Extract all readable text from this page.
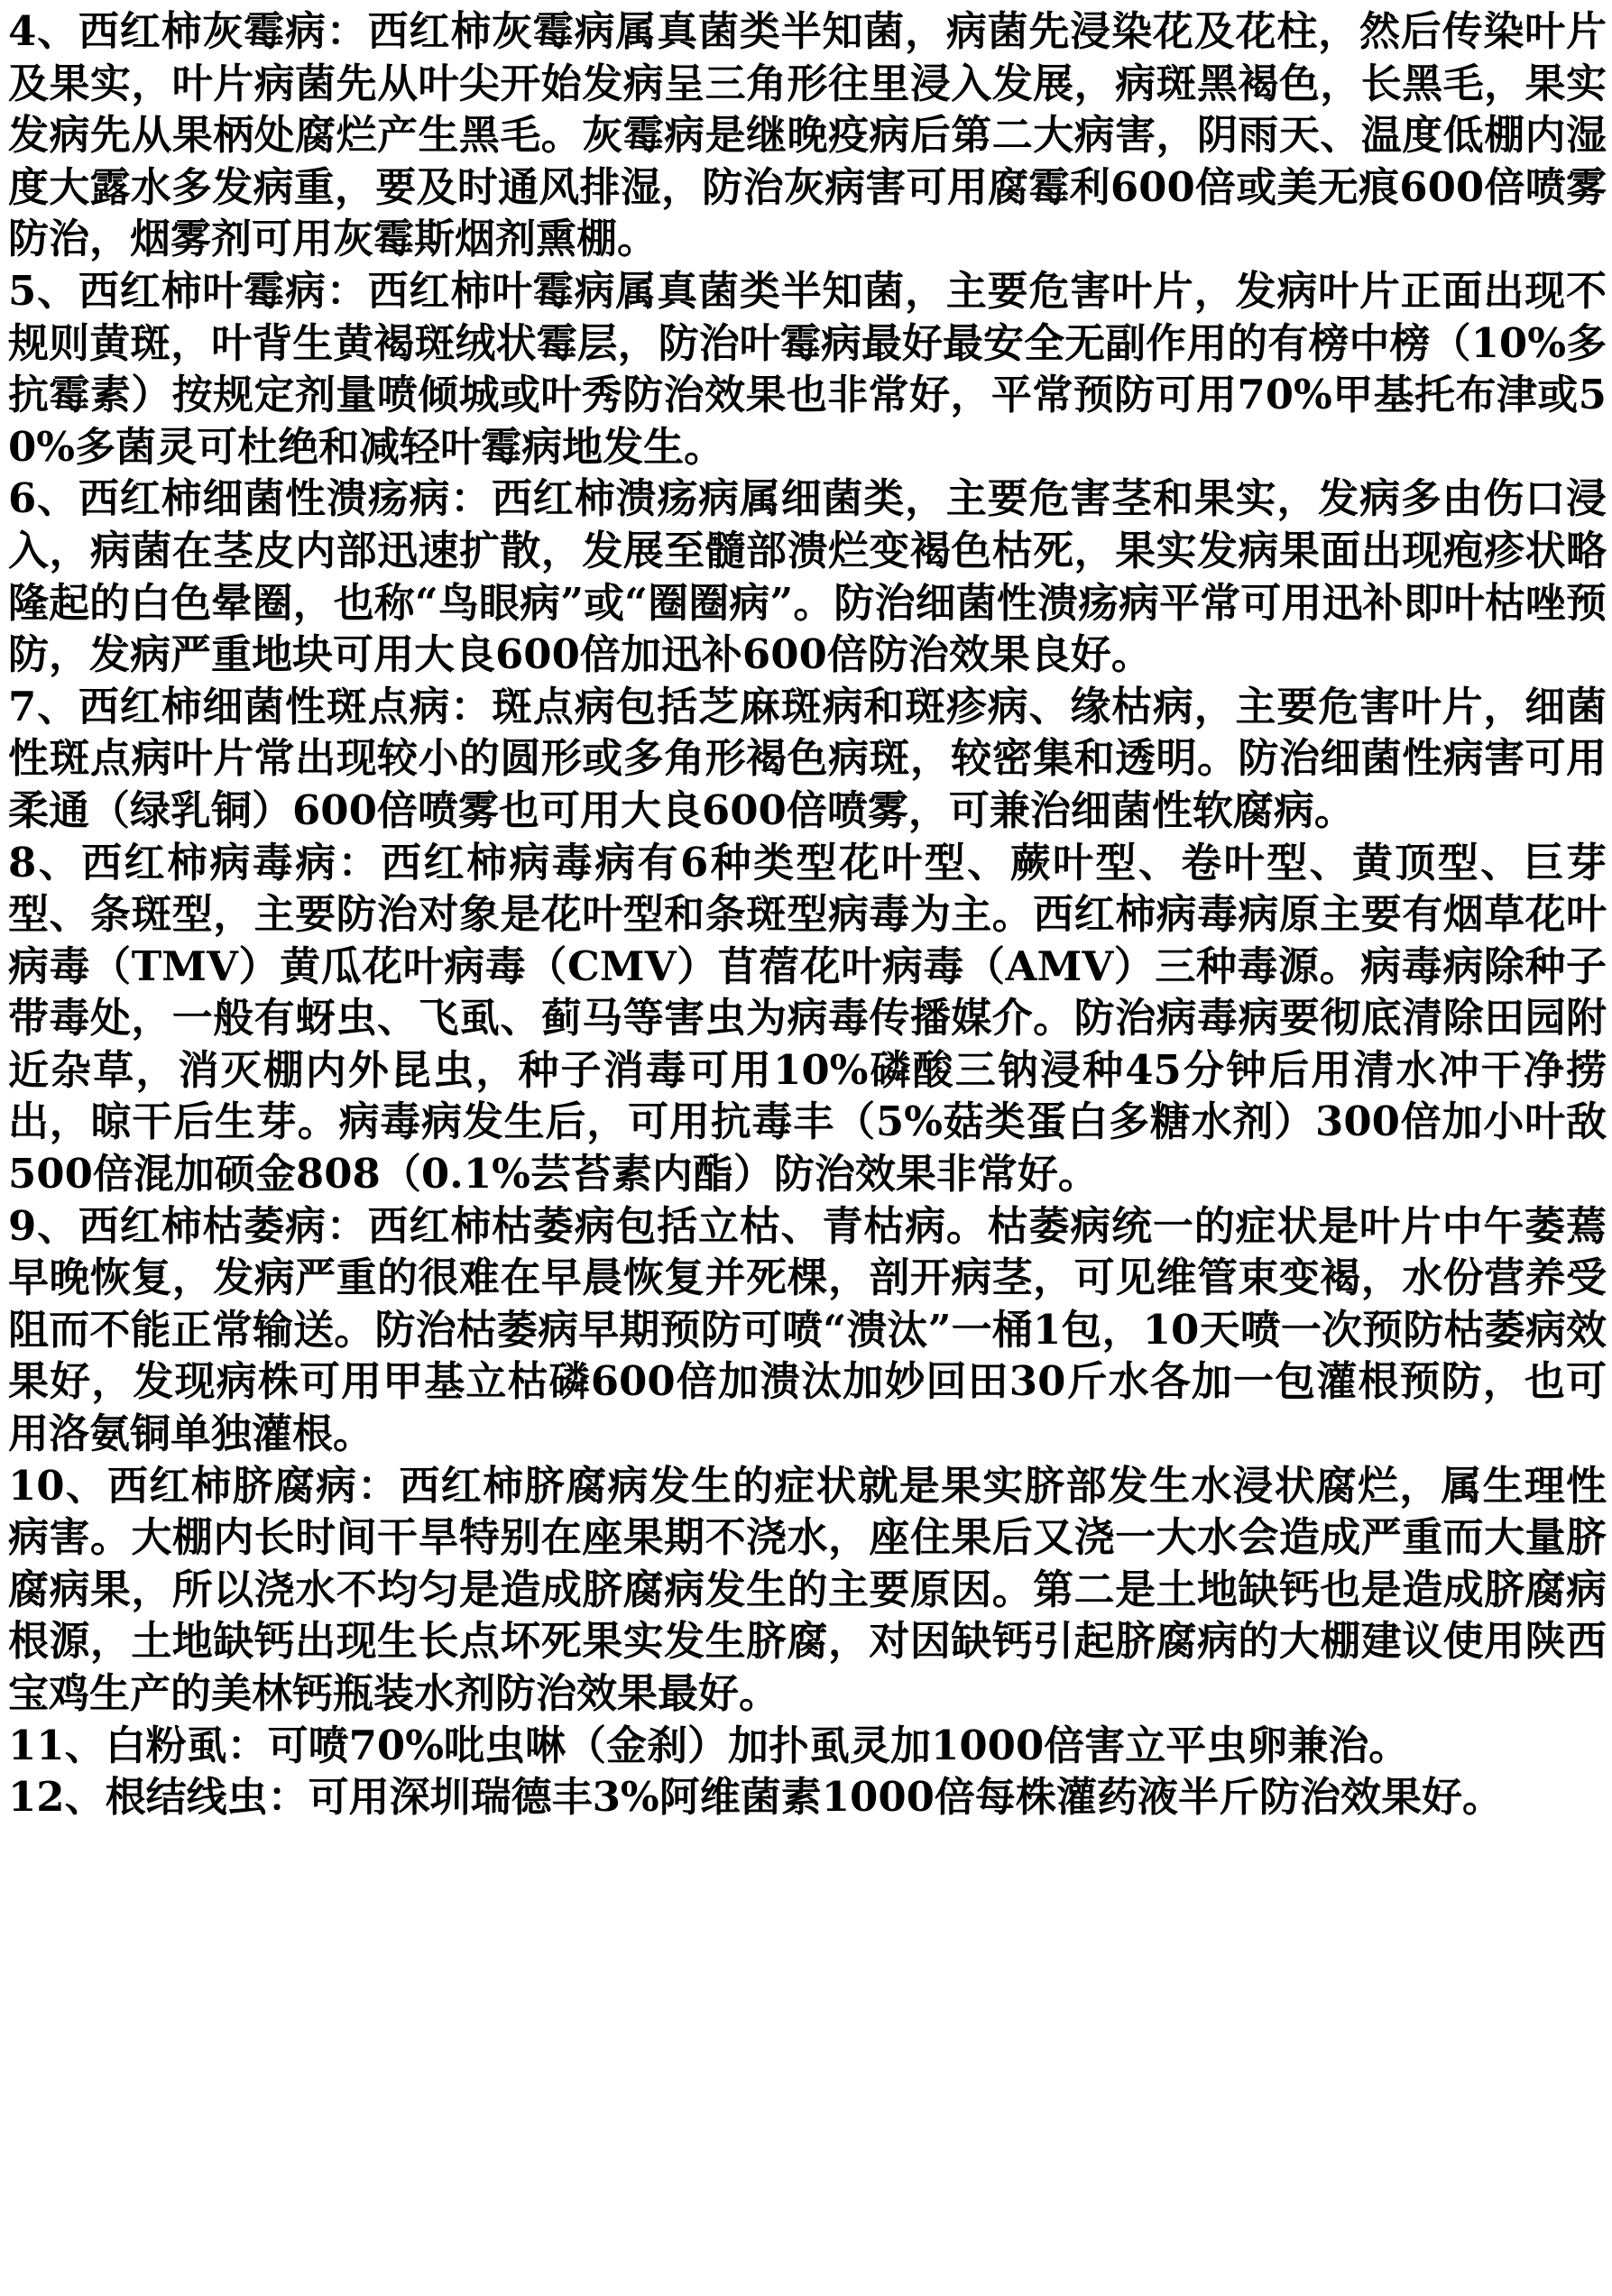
4、西红柿灰霉病：西红柿灰霉病属真菌类半知菌，病菌先浸染花及花柱，然后传染叶片及果实，叶片病菌先从叶尖开始发病呈三角形往里浸入发展，病斑黑褐色，长黑毛，果实发病先从果柄处腐烂产生黑毛。灰霉病是继晚疫病后第二大病害，阴雨天、温度低棚内湿度大露水多发病重，要及时通风排湿，防治灰病害可用腐霉利600倍或美无痕600倍喷雾防治，烟雾剂可用灰霉斯烟剂熏棚。

5、西红柿叶霉病：西红柿叶霉病属真菌类半知菌，主要危害叶片，发病叶片正面出现不规则黄斑，叶背生黄褐斑绒状霉层，防治叶霉病最好最安全无副作用的有榜中榜（10%多抗霉素）按规定剂量喷倾城或叶秀防治效果也非常好，平常预防可用70%甲基托布津或50%多菌灵可杜绝和减轻叶霉病地发生。

6、西红柿细菌性溃疡病：西红柿溃疡病属细菌类，主要危害茎和果实，发病多由伤口浸入，病菌在茎皮内部迅速扩散，发展至髓部溃烂变褐色枯死，果实发病果面出现疱疹状略隆起的白色晕圈，也称“鸟眼病”或“圈圈病”。防治细菌性溃疡病平常可用迅补即叶枯唑预防，发病严重地块可用大良600倍加迅补600倍防治效果良好。

7、西红柿细菌性斑点病：斑点病包括芝麻斑病和斑疹病、缘枯病，主要危害叶片，细菌性斑点病叶片常出现较小的圆形或多角形褐色病斑，较密集和透明。防治细菌性病害可用柔通（绿乳铜）600倍喷雾也可用大良600倍喷雾，可兼治细菌性软腐病。

8、西红柿病毒病：西红柿病毒病有6种类型花叶型、蕨叶型、卷叶型、黄顶型、巨芽型、条斑型，主要防治对象是花叶型和条斑型病毒为主。西红柿病毒病原主要有烟草花叶病毒（TMV）黄瓜花叶病毒（CMV）苜蓿花叶病毒（AMV）三种毒源。病毒病除种子带毒处，一般有蚜虫、飞虱、蓟马等害虫为病毒传播媒介。防治病毒病要彻底清除田园附近杂草，消灭棚内外昆虫，种子消毒可用10%磷酸三钠浸种45分钟后用清水冲干净捞出，晾干后生芽。病毒病发生后，可用抗毒丰（5%菇类蛋白多糖水剂）300倍加小叶敌500倍混加硕金808（0.1%芸苔素内酯）防治效果非常好。

9、西红柿枯萎病：西红柿枯萎病包括立枯、青枯病。枯萎病统一的症状是叶片中午萎蔫早晚恢复，发病严重的很难在早晨恢复并死棵，剖开病茎，可见维管束变褐，水份营养受阻而不能正常输送。防治枯萎病早期预防可喷“溃汰”一桶1包，10天喷一次预防枯萎病效果好，发现病株可用甲基立枯磷600倍加溃汰加妙回田30斤水各加一包灌根预防，也可用洛氨铜单独灌根。

10、西红柿脐腐病：西红柿脐腐病发生的症状就是果实脐部发生水浸状腐烂，属生理性病害。大棚内长时间干旱特别在座果期不浇水，座住果后又浇一大水会造成严重而大量脐腐病果，所以浇水不均匀是造成脐腐病发生的主要原因。第二是土地缺钙也是造成脐腐病根源，土地缺钙出现生长点坏死果实发生脐腐，对因缺钙引起脐腐病的大棚建议使用陕西宝鸡生产的美林钙瓶装水剂防治效果最好。

11、白粉虱：可喷70%吡虫啉（金刹）加扑虱灵加1000倍害立平虫卵兼治。

12、根结线虫：可用深圳瑞德丰3%阿维菌素1000倍每株灌药液半斤防治效果好。
